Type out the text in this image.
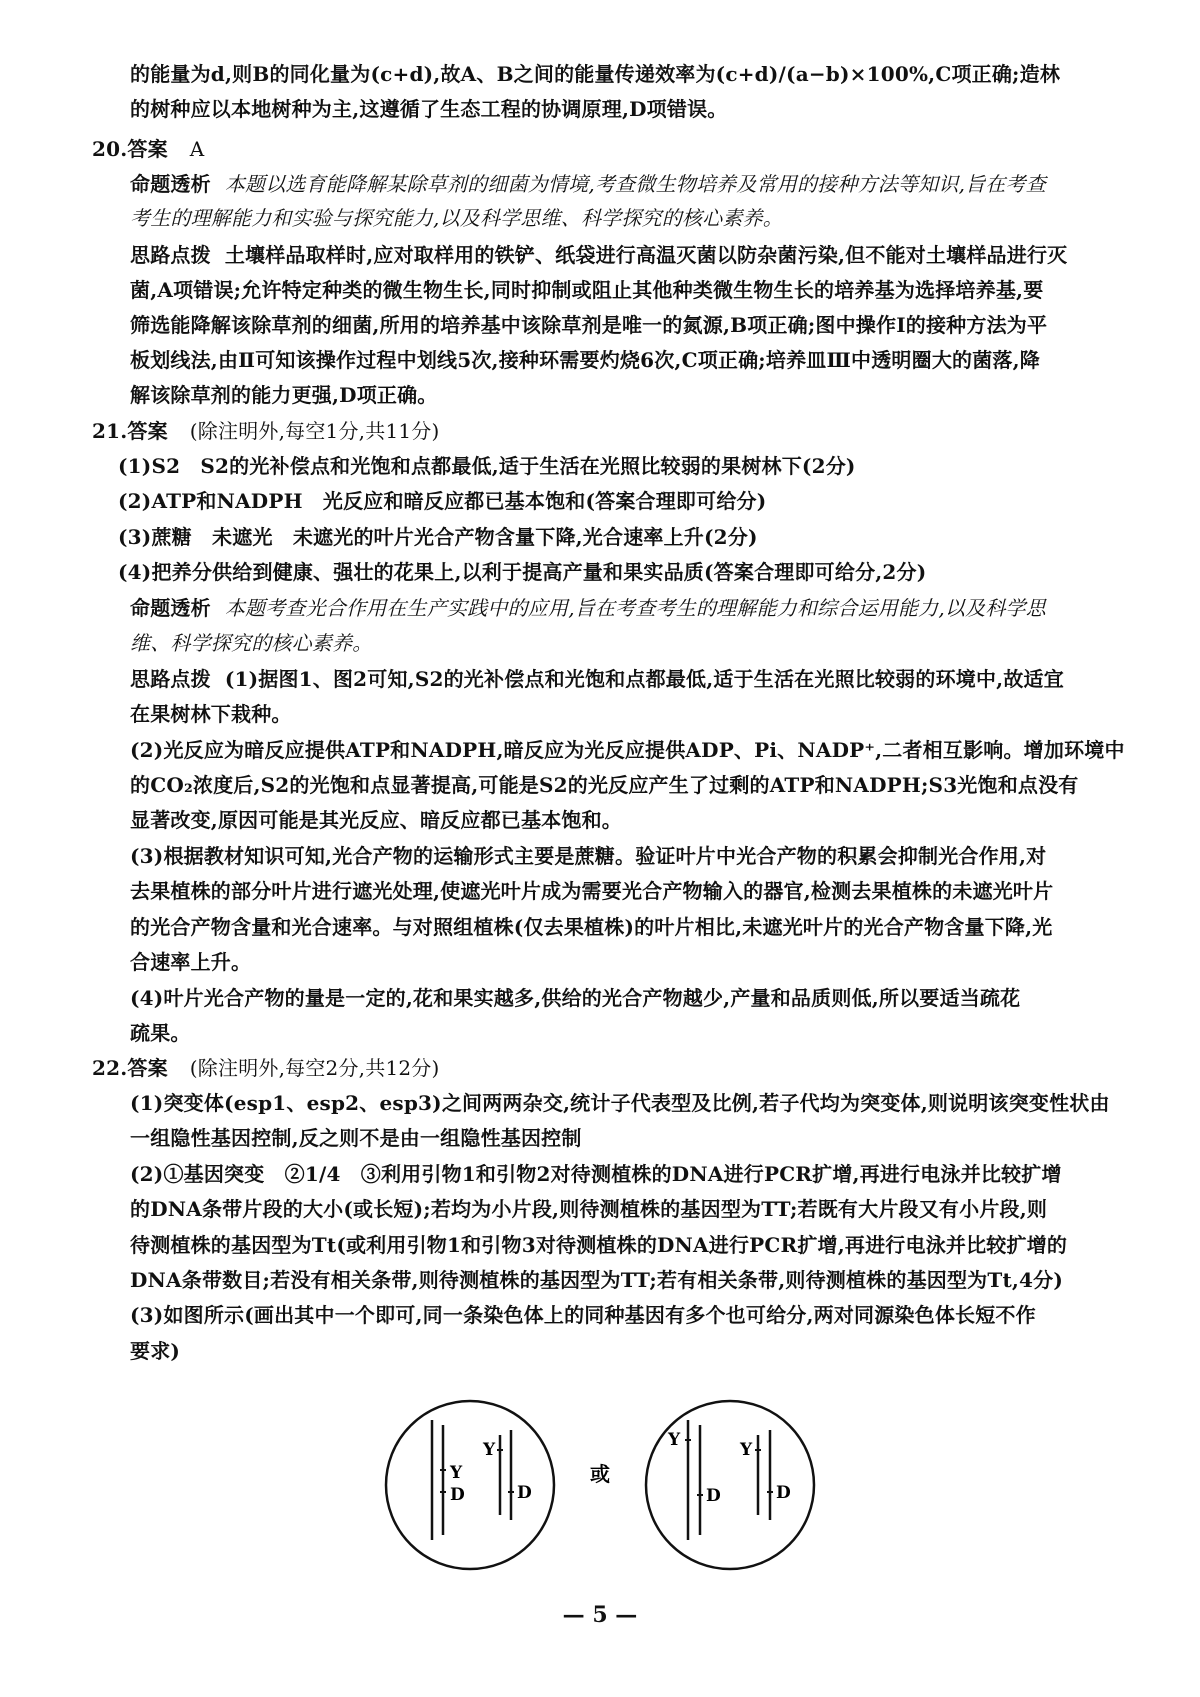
的能量为d,则B的同化量为(c+d),故A、B之间的能量传递效率为(c+d)/(a−b)×100%,C项正确;造林
的树种应以本地树种为主,这遵循了生态工程的协调原理,D项错误。
20.答案 A
命题透析 本题以选育能降解某除草剂的细菌为情境,考查微生物培养及常用的接种方法等知识,旨在考查
考生的理解能力和实验与探究能力,以及科学思维、科学探究的核心素养。
思路点拨 土壤样品取样时,应对取样用的铁铲、纸袋进行高温灭菌以防杂菌污染,但不能对土壤样品进行灭
菌,A项错误;允许特定种类的微生物生长,同时抑制或阻止其他种类微生物生长的培养基为选择培养基,要
筛选能降解该除草剂的细菌,所用的培养基中该除草剂是唯一的氮源,B项正确;图中操作Ⅰ的接种方法为平
板划线法,由Ⅱ可知该操作过程中划线5次,接种环需要灼烧6次,C项正确;培养皿Ⅲ中透明圈大的菌落,降
解该除草剂的能力更强,D项正确。
21.答案 (除注明外,每空1分,共11分)
(1)S2　S2的光补偿点和光饱和点都最低,适于生活在光照比较弱的果树林下(2分)
(2)ATP和NADPH　光反应和暗反应都已基本饱和(答案合理即可给分)
(3)蔗糖　未遮光　未遮光的叶片光合产物含量下降,光合速率上升(2分)
(4)把养分供给到健康、强壮的花果上,以利于提高产量和果实品质(答案合理即可给分,2分)
命题透析 本题考查光合作用在生产实践中的应用,旨在考查考生的理解能力和综合运用能力,以及科学思
维、科学探究的核心素养。
思路点拨 (1)据图1、图2可知,S2的光补偿点和光饱和点都最低,适于生活在光照比较弱的环境中,故适宜
在果树林下栽种。
(2)光反应为暗反应提供ATP和NADPH,暗反应为光反应提供ADP、Pi、NADP⁺,二者相互影响。增加环境中
的CO₂浓度后,S2的光饱和点显著提高,可能是S2的光反应产生了过剩的ATP和NADPH;S3光饱和点没有
显著改变,原因可能是其光反应、暗反应都已基本饱和。
(3)根据教材知识可知,光合产物的运输形式主要是蔗糖。验证叶片中光合产物的积累会抑制光合作用,对
去果植株的部分叶片进行遮光处理,使遮光叶片成为需要光合产物输入的器官,检测去果植株的未遮光叶片
的光合产物含量和光合速率。与对照组植株(仅去果植株)的叶片相比,未遮光叶片的光合产物含量下降,光
合速率上升。
(4)叶片光合产物的量是一定的,花和果实越多,供给的光合产物越少,产量和品质则低,所以要适当疏花
疏果。
22.答案 (除注明外,每空2分,共12分)
(1)突变体(esp1、esp2、esp3)之间两两杂交,统计子代表型及比例,若子代均为突变体,则说明该突变性状由
一组隐性基因控制,反之则不是由一组隐性基因控制
(2)①基因突变　②1/4　③利用引物1和引物2对待测植株的DNA进行PCR扩增,再进行电泳并比较扩增
的DNA条带片段的大小(或长短);若均为小片段,则待测植株的基因型为TT;若既有大片段又有小片段,则
待测植株的基因型为Tt(或利用引物1和引物3对待测植株的DNA进行PCR扩增,再进行电泳并比较扩增的
DNA条带数目;若没有相关条带,则待测植株的基因型为TT;若有相关条带,则待测植株的基因型为Tt,4分)
(3)如图所示(画出其中一个即可,同一条染色体上的同种基因有多个也可给分,两对同源染色体长短不作
要求)
Y
D
Y
D
或
Y
D
Y
D
— 5 —
